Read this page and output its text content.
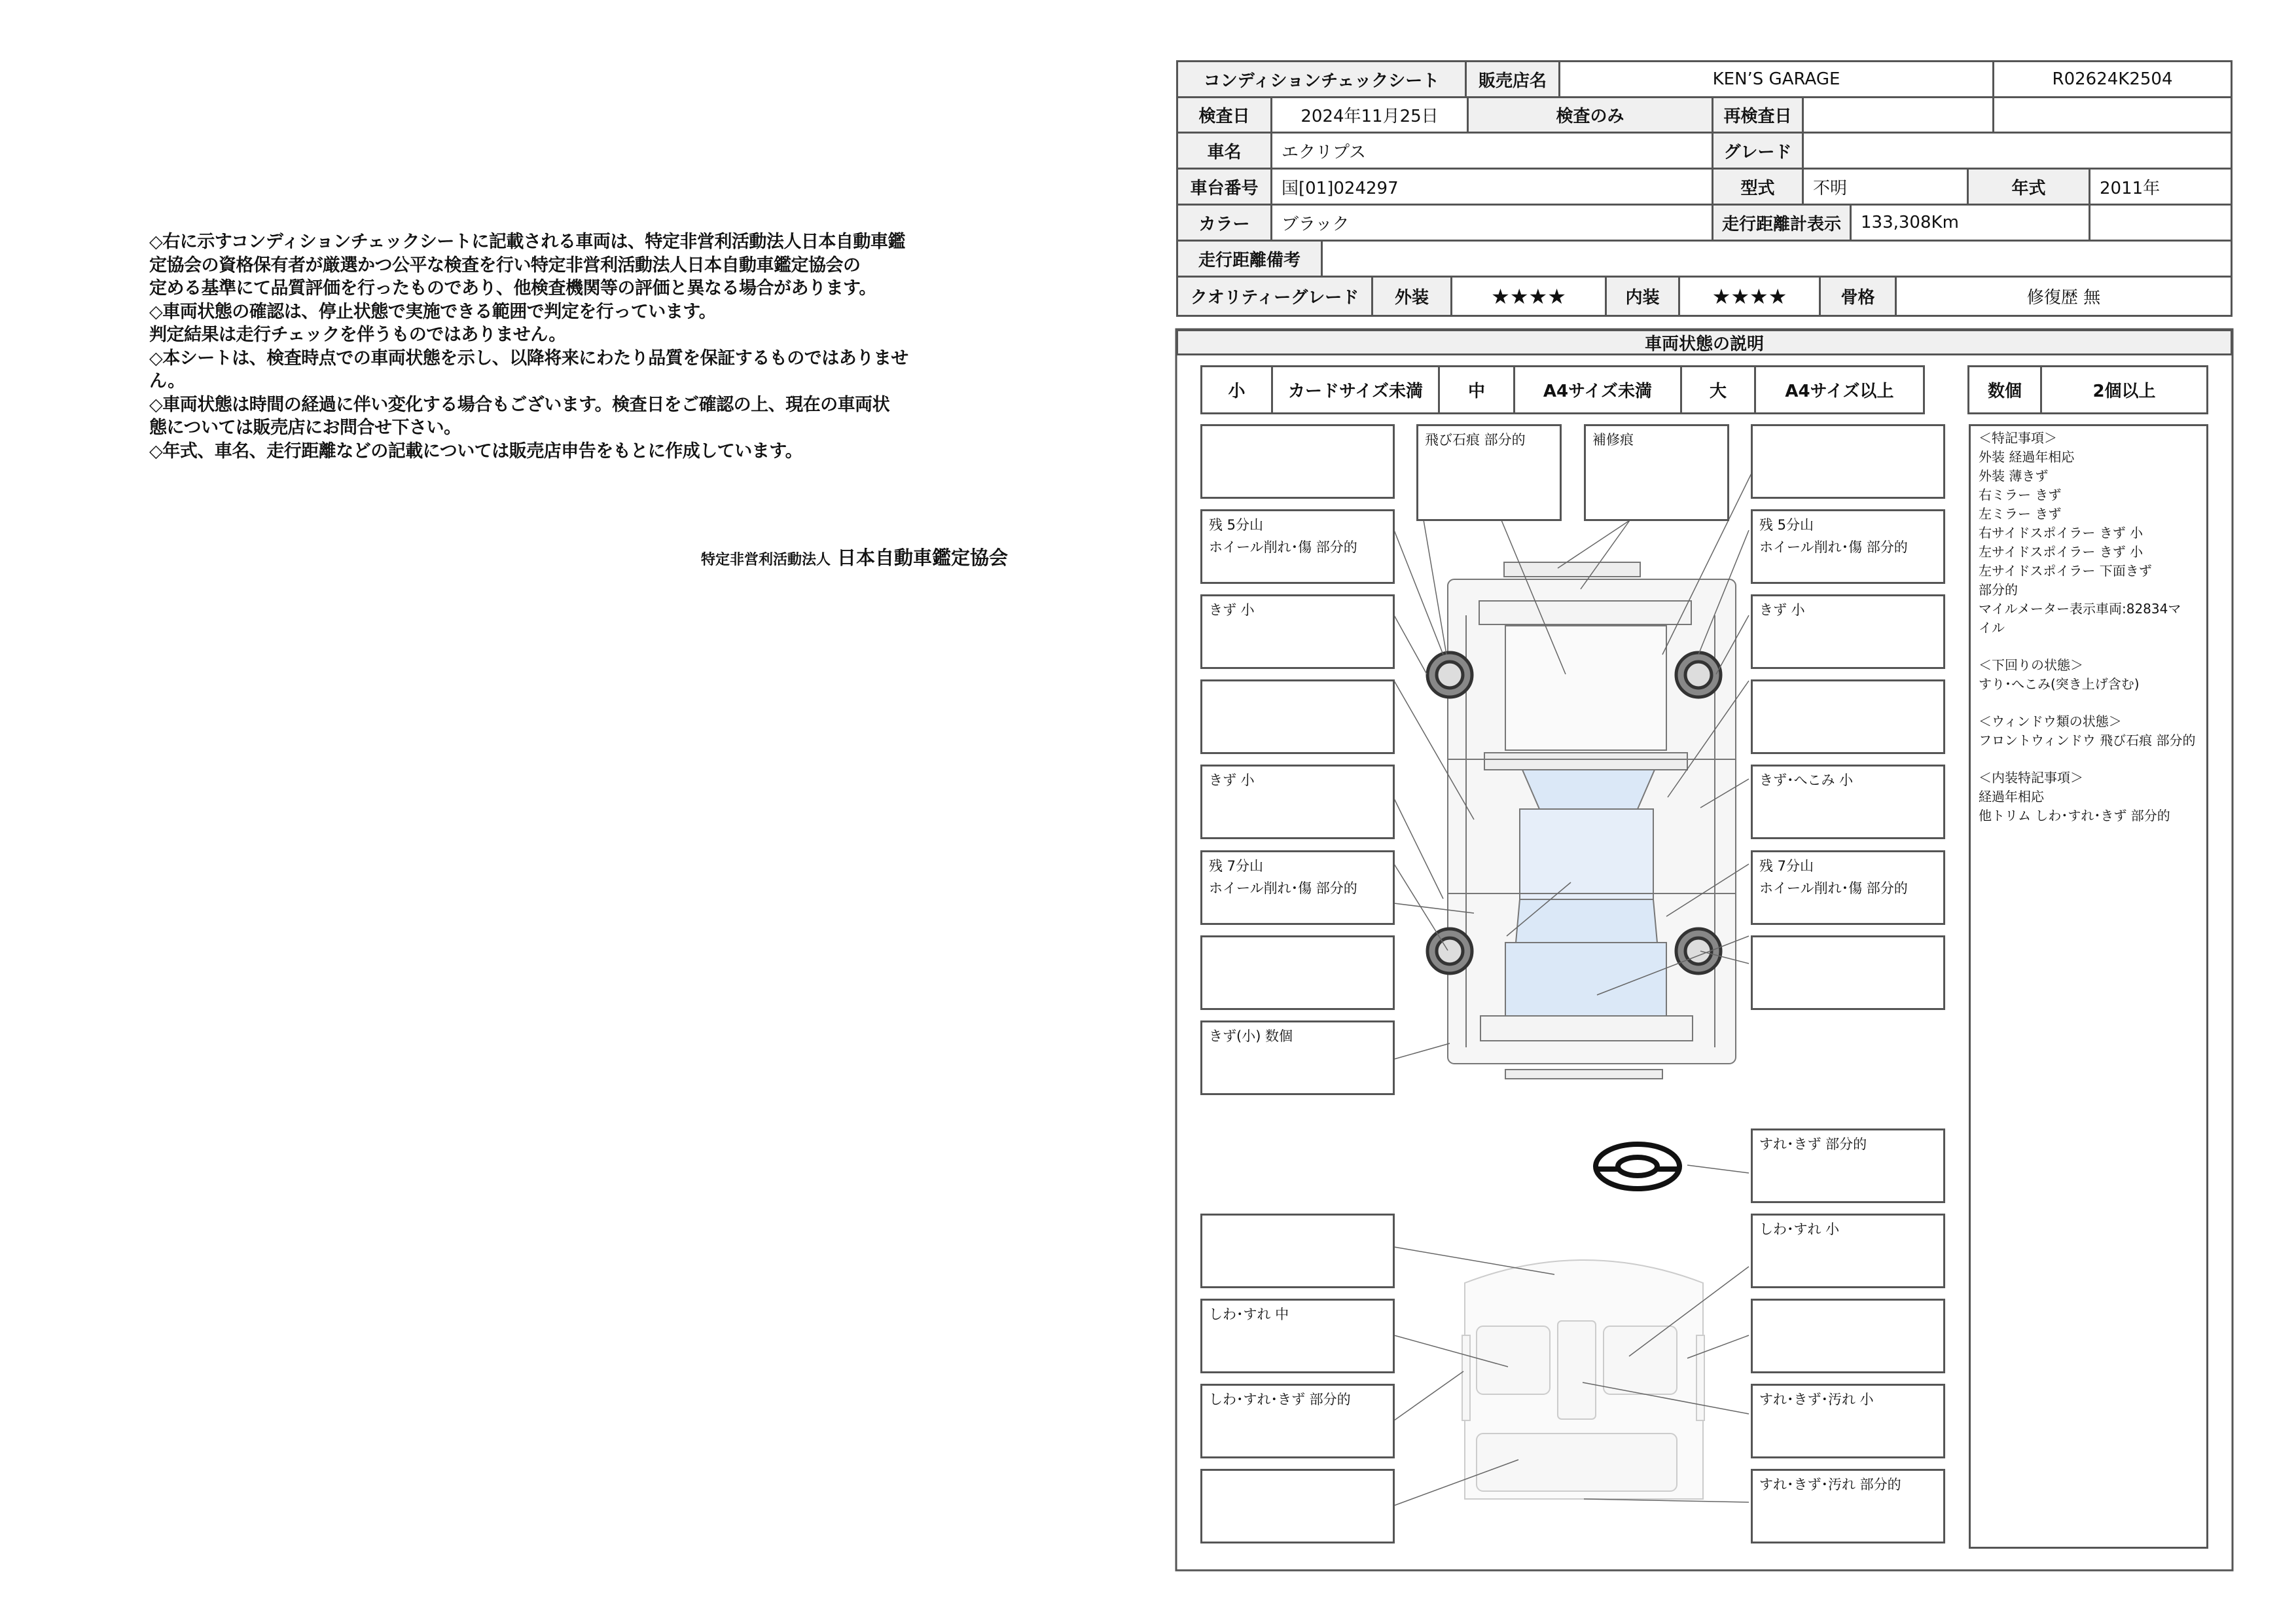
◇右に示すコンディションチェックシートに記載される車両は、特定非営利活動法人日本自動車鑑
定協会の資格保有者が厳選かつ公平な検査を行い特定非営利活動法人日本自動車鑑定協会の
定める基準にて品質評価を行ったものであり、他検査機関等の評価と異なる場合があります。
◇車両状態の確認は、停止状態で実施できる範囲で判定を行っています。
判定結果は走行チェックを伴うものではありません。
◇本シートは、検査時点での車両状態を示し、以降将来にわたり品質を保証するものではありませ
ん。
◇車両状態は時間の経過に伴い変化する場合もございます。検査日をご確認の上、現在の車両状
態については販売店にお問合せ下さい。
◇年式、車名、走行距離などの記載については販売店申告をもとに作成しています。
特定非営利活動法人 日本自動車鑑定協会
コンディションチェックシート	販売店名	KEN’S GARAGE	R02624K2504
検査日	2024年11月25日	検査のみ	再検査日
車名	エクリプス	グレード
車台番号	国[01]024297	型式	不明	年式	2011年
カラー	ブラック	走行距離計表示	133,308Km
走行距離備考
クオリティーグレード	外装	★★★★	内装	★★★★	骨格	修復歴 無
車両状態の説明
小	カードサイズ未満	中	A4サイズ未満	大	A4サイズ以上	数個	2個以上
飛び石痕 部分的	補修痕
残 5分山
ホイール削れ･傷 部分的
きず 小
きず 小
残 7分山
ホイール削れ･傷 部分的
きず(小) 数個
残 5分山
ホイール削れ･傷 部分的
きず 小
きず･へこみ 小
残 7分山
ホイール削れ･傷 部分的
すれ･きず 部分的
しわ･すれ 小
すれ･きず･汚れ 小
すれ･きず･汚れ 部分的
しわ･すれ 中
しわ･すれ･きず 部分的
＜特記事項＞
外装 経過年相応
外装 薄きず
右ミラー きず
左ミラー きず
右サイドスポイラー きず 小
左サイドスポイラー きず 小
左サイドスポイラー 下面きず
部分的
マイルメーター表示車両:82834マ
イル
＜下回りの状態＞
すり･へこみ(突き上げ含む)
＜ウィンドウ類の状態＞
フロントウィンドウ 飛び石痕 部分的
＜内装特記事項＞
経過年相応
他トリム しわ･すれ･きず 部分的
